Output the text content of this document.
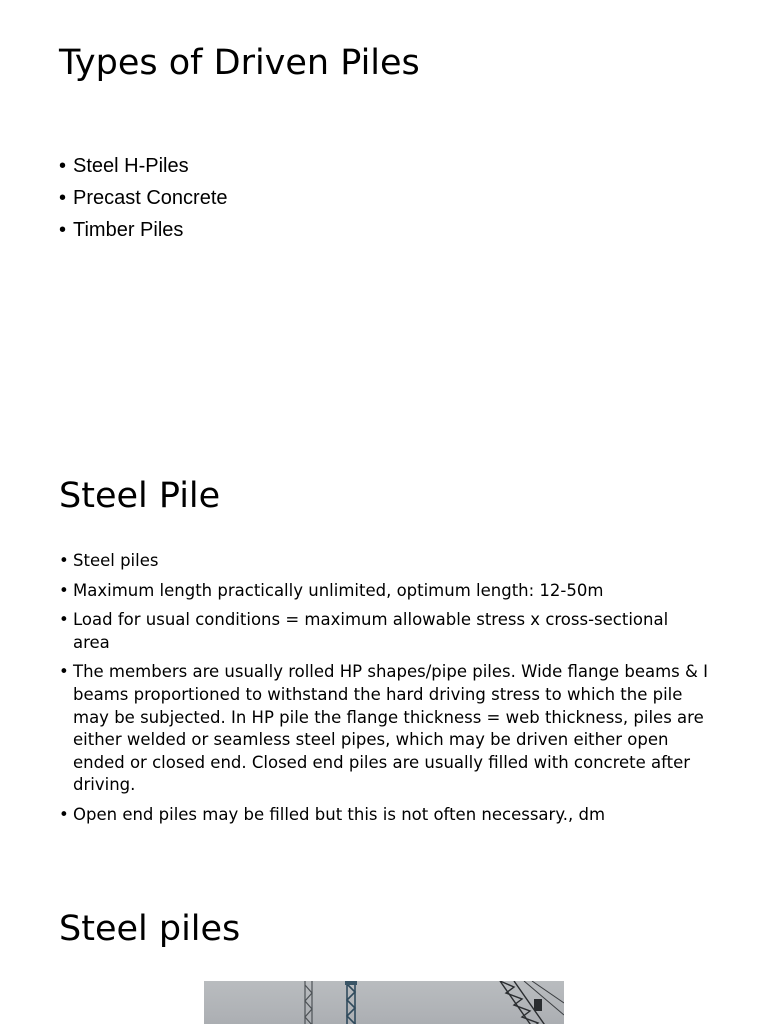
Types of Driven Piles
• Steel H-Piles
• Precast Concrete
• Timber Piles
Steel Pile
• Steel piles
• Maximum length practically unlimited, optimum length: 12-50m
• Load for usual conditions = maximum allowable stress x cross-sectional area
• The members are usually rolled HP shapes/pipe piles. Wide flange beams & I beams proportioned to withstand the hard driving stress to which the pile may be subjected. In HP pile the flange thickness = web thickness, piles are either welded or seamless steel pipes, which may be driven either open ended or closed end. Closed end piles are usually filled with concrete after driving.
• Open end piles may be filled but this is not often necessary., dm
Steel piles
